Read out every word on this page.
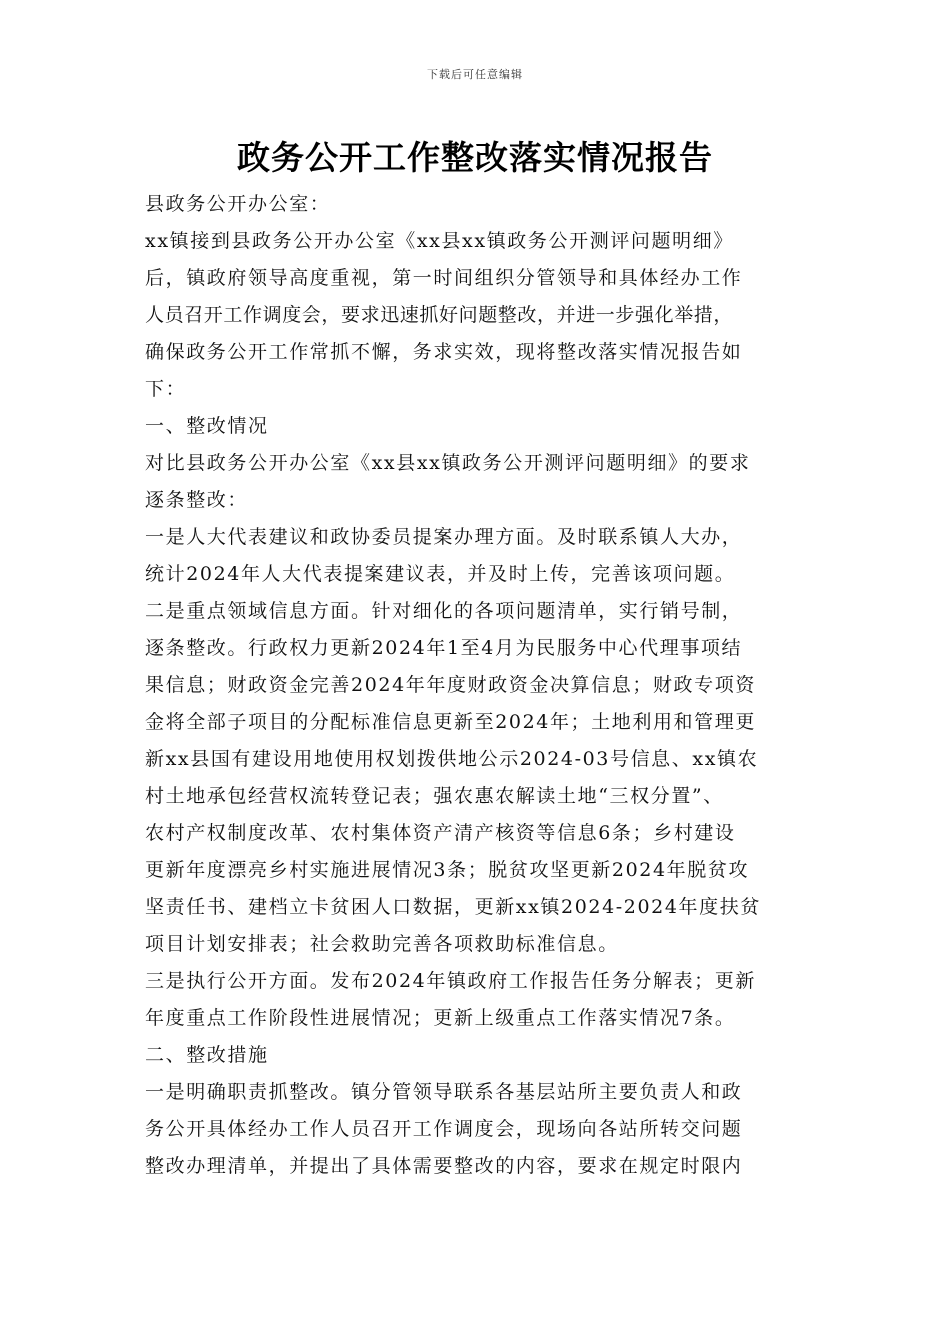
下载后可任意编辑
政务公开工作整改落实情况报告
县政务公开办公室：
xx镇接到县政务公开办公室《xx县xx镇政务公开测评问题明细》
后，镇政府领导高度重视，第一时间组织分管领导和具体经办工作
人员召开工作调度会，要求迅速抓好问题整改，并进一步强化举措，
确保政务公开工作常抓不懈，务求实效，现将整改落实情况报告如
下：
一、整改情况
对比县政务公开办公室《xx县xx镇政务公开测评问题明细》的要求
逐条整改：
一是人大代表建议和政协委员提案办理方面。及时联系镇人大办，
统计2024年人大代表提案建议表，并及时上传，完善该项问题。
二是重点领域信息方面。针对细化的各项问题清单，实行销号制，
逐条整改。行政权力更新2024年1至4月为民服务中心代理事项结
果信息；财政资金完善2024年年度财政资金决算信息；财政专项资
金将全部子项目的分配标准信息更新至2024年；土地利用和管理更
新xx县国有建设用地使用权划拨供地公示2024-03号信息、xx镇农
村土地承包经营权流转登记表；强农惠农解读土地“三权分置”、
农村产权制度改革、农村集体资产清产核资等信息6条；乡村建设
更新年度漂亮乡村实施进展情况3条；脱贫攻坚更新2024年脱贫攻
坚责任书、建档立卡贫困人口数据，更新xx镇2024-2024年度扶贫
项目计划安排表；社会救助完善各项救助标准信息。
三是执行公开方面。发布2024年镇政府工作报告任务分解表；更新
年度重点工作阶段性进展情况；更新上级重点工作落实情况7条。
二、整改措施
一是明确职责抓整改。镇分管领导联系各基层站所主要负责人和政
务公开具体经办工作人员召开工作调度会，现场向各站所转交问题
整改办理清单，并提出了具体需要整改的内容，要求在规定时限内
